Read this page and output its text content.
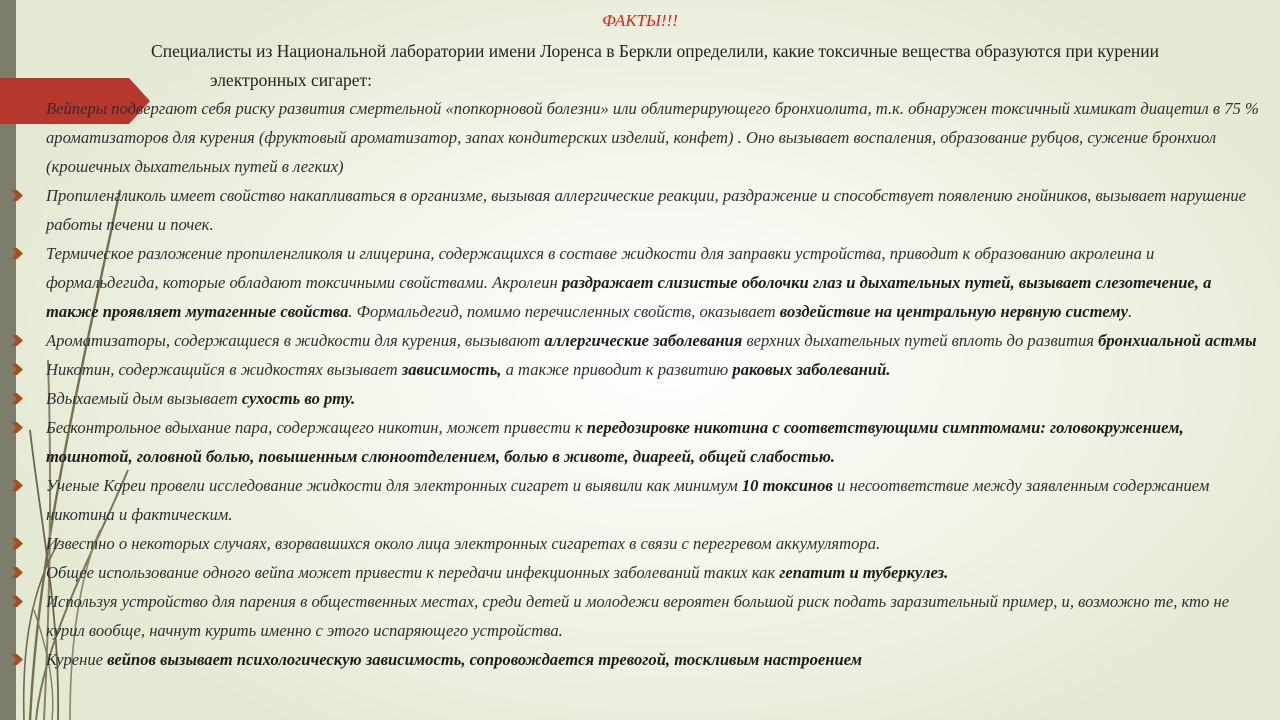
ФАКТЫ!!!
Специалисты из Национальной лаборатории имени Лоренса в Беркли определили, какие токсичные вещества образуются при курении
электронных сигарет:

Вейперы подвергают себя риску развития смертельной «попкорновой болезни» или облитерирующего бронхиолита, т.к. обнаружен токсичный химикат диацетил в 75 % ароматизаторов для курения (фруктовый ароматизатор, запах кондитерских изделий, конфет) . Оно вызывает воспаления, образование рубцов, сужение бронхиол (крошечных дыхательных путей в легких)

Пропиленгликоль имеет свойство накапливаться в организме, вызывая аллергические реакции, раздражение и способствует появлению гнойников, вызывает нарушение работы печени и почек.

Термическое разложение пропиленгликоля и глицерина, содержащихся в составе жидкости для заправки устройства, приводит к образованию акролеина и формальдегида, которые обладают токсичными свойствами. Акролеин раздражает слизистые оболочки глаз и дыхательных путей, вызывает слезотечение, а также проявляет мутагенные свойства. Формальдегид, помимо перечисленных свойств, оказывает воздействие на центральную нервную систему.

Ароматизаторы, содержащиеся в жидкости для курения, вызывают аллергические заболевания верхних дыхательных путей вплоть до развития бронхиальной астмы

Никотин, содержащийся в жидкостях вызывает зависимость, а также приводит к развитию раковых заболеваний.

Вдыхаемый дым вызывает сухость во рту.

Бесконтрольное вдыхание пара, содержащего никотин, может привести к передозировке никотина с соответствующими симптомами: головокружением, тошнотой, головной болью, повышенным слюноотделением, болью в животе, диареей, общей слабостью.

Ученые Кореи провели исследование жидкости для электронных сигарет и выявили как минимум 10 токсинов и несоответствие между заявленным содержанием никотина и фактическим.

Известно о некоторых случаях, взорвавшихся около лица электронных сигаретах в связи с перегревом аккумулятора.

Общее использование одного вейпа может привести к передачи инфекционных заболеваний таких как гепатит и туберкулез.

Используя устройство для парения в общественных местах, среди детей и молодежи вероятен большой риск подать заразительный пример, и, возможно те, кто не курил вообще, начнут курить именно с этого испаряющего устройства.

Курение вейпов вызывает психологическую зависимость, сопровождается тревогой, тоскливым настроением
